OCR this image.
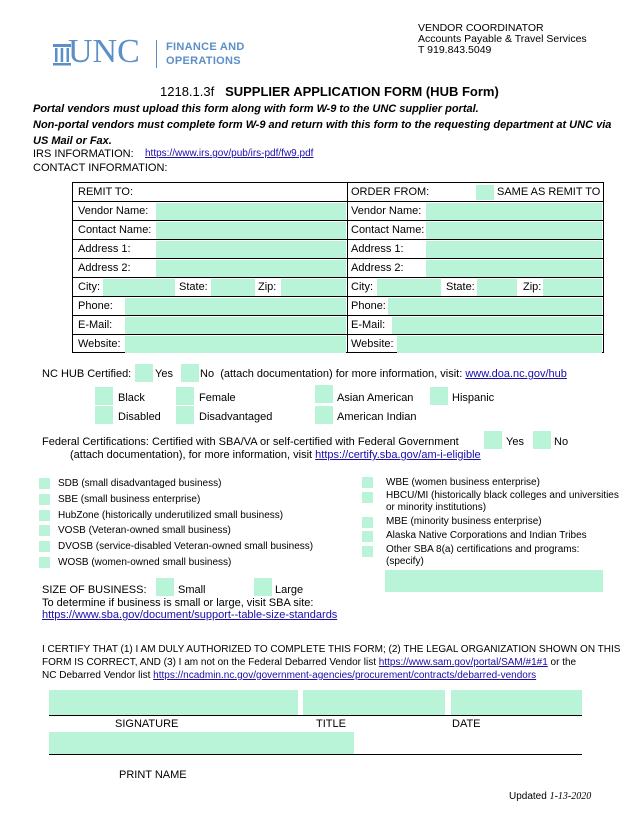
UNC FINANCE AND
OPERATIONS
VENDOR COORDINATOR
Accounts Payable & Travel Services
T 919.843.5049
1218.1.3f SUPPLIER APPLICATION FORM (HUB Form)
Portal vendors must upload this form along with form W-9 to the UNC supplier portal.
Non-portal vendors must complete form W-9 and return with this form to the requesting department at UNC via US Mail or Fax.
IRS INFORMATION: https://www.irs.gov/pub/irs-pdf/fw9.pdf
CONTACT INFORMATION:
REMIT TO:	ORDER FROM:	SAME AS REMIT TO
Vendor Name:	Vendor Name:
Contact Name:	Contact Name:
Address 1:	Address 1:
Address 2:	Address 2:
City:	State:	Zip:	City:	State:	Zip:
Phone:	Phone:
E-Mail:	E-Mail:
Website:	Website:
NC HUB Certified: Yes No (attach documentation) for more information, visit: www.doa.nc.gov/hub
Black	Female	Asian American	Hispanic
Disabled	Disadvantaged	American Indian
Federal Certifications: Certified with SBA/VA or self-certified with Federal Government	Yes	No
(attach documentation), for more information, visit https://certify.sba.gov/am-i-eligible
SDB (small disadvantaged business)
SBE (small business enterprise)
HubZone (historically underutilized small business)
VOSB (Veteran-owned small business)
DVOSB (service-disabled Veteran-owned small business)
WOSB (women-owned small business)
WBE (women business enterprise)
HBCU/MI (historically black colleges and universities
or minority institutions)
MBE (minority business enterprise)
Alaska Native Corporations and Indian Tribes
Other SBA 8(a) certifications and programs:
(specify)
SIZE OF BUSINESS:	Small	Large
To determine if business is small or large, visit SBA site:
https://www.sba.gov/document/support--table-size-standards
I CERTIFY THAT (1) I AM DULY AUTHORIZED TO COMPLETE THIS FORM; (2) THE LEGAL ORGANIZATION SHOWN ON THIS
FORM IS CORRECT, AND (3) I am not on the Federal Debarred Vendor list https://www.sam.gov/portal/SAM/#1#1 or the
NC Debarred Vendor list https://ncadmin.nc.gov/government-agencies/procurement/contracts/debarred-vendors
SIGNATURE	TITLE	DATE
PRINT NAME
Updated 1-13-2020
